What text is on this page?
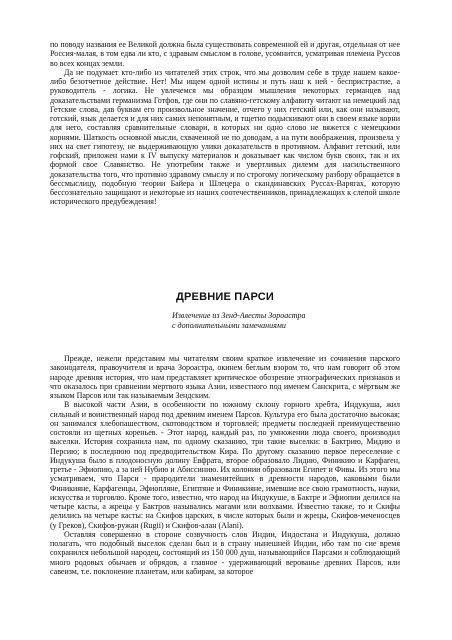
по поводу названия ее Великой должна была существовать современной ей и другая, отдельная от нее Россия-малая, в том едва ли кто, с здравым смыслом в голове, усомнится, усматривая племена Руссов во всех концах земли.

Да не подумает кто-либо из читателей этих строк, что мы дозволим себе в труде нашем какое-либо безотчетное действие. Нет! Мы ищем одной истины и путь наш к ней - беспристрастие, а руководитель - логика. Не увлечемся мы образцом мышления некоторых германцев над доказательствами германизма Готфов, где они по славяно-гетскому алфавиту читают на немецкий лад Гетские слова, дав буквам его произвольное значение, отчего у них гетский или, как они называют, готский, язык делается и для них самих непонятным, и тщетно подыскивают они в своем языке корни для него, составляя сравнительные словари, в которых ни одно слово не вяжется с немецкими корнями. Шаткость основной мысли, схваченной не по доводам, а на пути воображения, произвела у них на свет гипотезу, не выдерживающую улики доказательств в противном. Алфавит гетский, или гофский, приложен нами к IV выпуску материалов и доказывает как числом букв своих, так и их формой свое Славянство. Не употребим также и увертливых дилемм для насильственного доказательства того, что противно здравому смыслу и по строгому логическому разбору обращается в бессмыслицу, подобную теории Байера и Шлецера о скандинавских Руссах-Варягах, которую бессознательно защищают и некоторые из наших соотечественников, принадлежащих к слепой школе исторического предубеждения!

ДРЕВНИЕ ПАРСИ
Извлечение из Зенд-Авесты Зороастра
с дополнительными замечаниями

Прежде, нежели представим мы читателям своим краткое извлечение из сочинения парского законодателя, правоучителя и врача Зороастра, окинем беглым взором то, что нам говорит об этом народе древняя история, что нам представляет критическое обозрение этнографических признаков и что оказалось при сравнении мертвого языка Азии, известного под именем Санскрита, с мёртвым же языком Парсов или так называемым Зендским.

В высокой части Азии, в особенности по южному склону горного хребта, Индукуша, жил сильный и воинственный народ под древним именем Парсов. Культура его была достаточно высокая; он занимался хлебопашеством, скотоводством и торговлей; предметы последней преимущественно состояли из щетных кореньев. - Этот народ, каждый раз, по умножении люда своего, производил выселки. История сохранила нам, по одному сказанию, три такие выселки: в Бактрию, Мидию и Персию; в последнюю под предводительством Кира. По другому сказанию первое переселение с Индукуша было в плодоносную долину Евфрата, второе образовало Лидию, Финикию и Карфаген, третье - Эфиопию, а за ней Нубию и Абиссинию. Их колонии образовали Египет и Фивы. Из этого мы усматриваем, что Парси - прародители знаменитейших в древности народов, каковыми были Финикияне, Карфагенцы, Эфиопляне, Египтяне и Финикияне, имевшие все свою грамотность, науки, искусства и торговлю. Кроме того, известно, что народ на Индукуше, в Бактре и Эфиопии делился на четыре касты, а жрецы у Бактров назывались магами или волхвами. Известно также, то и Скифы делились на четыре касты: на Скифов царских, в числе которых были и жрецы, Скифов-меченосцев (у Греков), Скифов-ружан (Rugii) и Скифов-алан (Alani).

Оставляя совершенно в стороне созвучность слов Индии, Индостана и Индукуша, должно полагать, что подобный выселок сделан был и в страну нынешней Индии, ибо там по сие время сохранился небольшой народец, состоящий из 150 000 душ, называющийся Парсами и соблюдающий много родовых обычаев и обрядов, а главное - удерживающий верованье древних Парсов, или савеизм, т.е. поклонение планетам, или кабирам, за которое
